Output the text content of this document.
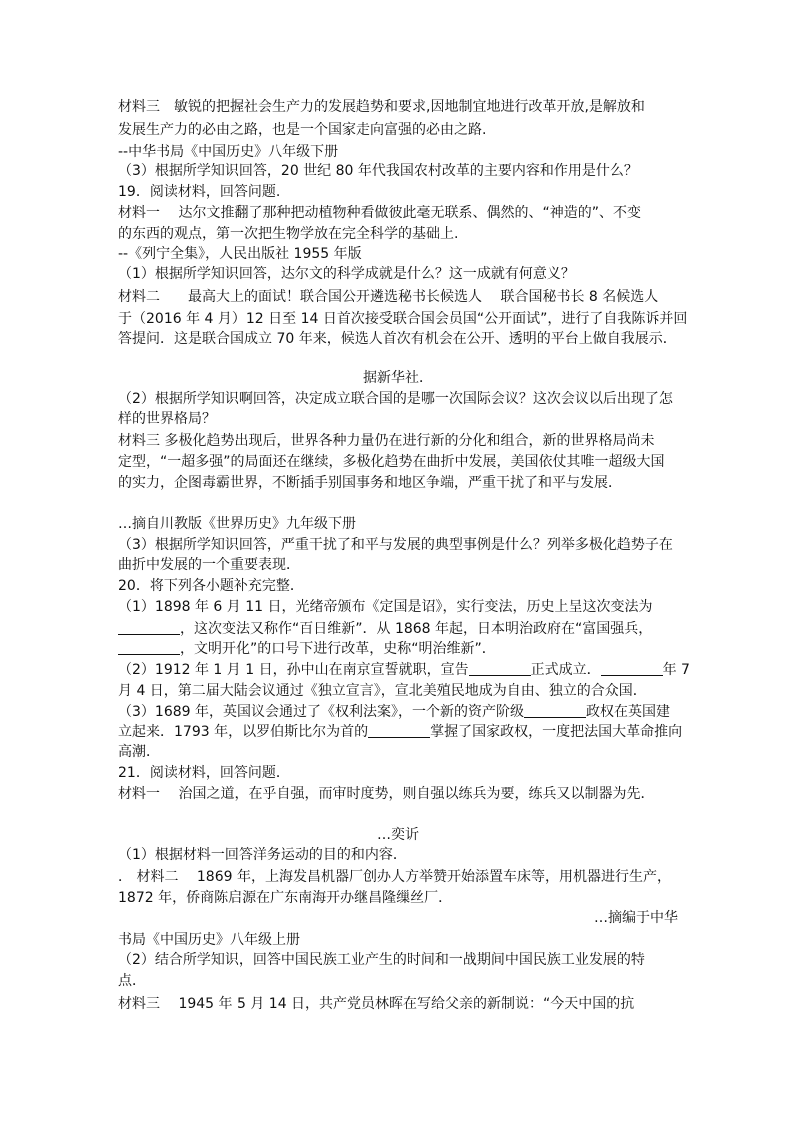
材料三　敏锐的把握社会生产力的发展趋势和要求,因地制宜地进行改革开放,是解放和
发展生产力的必由之路，也是一个国家走向富强的必由之路.
--中华书局《中国历史》八年级下册
（3）根据所学知识回答，20 世纪 80 年代我国农村改革的主要内容和作用是什么？
19．阅读材料，回答问题.
材料一　 达尔文推翻了那种把动植物种看做彼此毫无联系、偶然的、“神造的”、不变
的东西的观点，第一次把生物学放在完全科学的基础上.
--《列宁全集》，人民出版社 1955 年版
（1）根据所学知识回答，达尔文的科学成就是什么？这一成就有何意义？
材料二　　最高大上的面试！联合国公开遴选秘书长候选人　 联合国秘书长 8 名候选人
于（2016 年 4 月）12 日至 14 日首次接受联合国会员国“公开面试”，进行了自我陈诉并回
答提问．这是联合国成立 70 年来，候选人首次有机会在公开、透明的平台上做自我展示．
据新华社．
（2）根据所学知识啊回答，决定成立联合国的是哪一次国际会议？这次会议以后出现了怎
样的世界格局？
材料三 多极化趋势出现后，世界各种力量仍在进行新的分化和组合，新的世界格局尚未
定型，“一超多强”的局面还在继续，多极化趋势在曲折中发展，美国依仗其唯一超级大国
的实力，企图毒霸世界，不断插手别国事务和地区争端，严重干扰了和平与发展．
…摘自川教版《世界历史》九年级下册
（3）根据所学知识回答，严重干扰了和平与发展的典型事例是什么？列举多极化趋势子在
曲折中发展的一个重要表现．
20．将下列各小题补充完整．
（1）1898 年 6 月 11 日，光绪帝颁布《定国是诏》，实行变法，历史上呈这次变法为
，这次变法又称作“百日维新”．从 1868 年起，日本明治政府在“富国强兵，
，文明开化”的口号下进行改革，史称“明治维新”．
（2）1912 年 1 月 1 日，孙中山在南京宣誓就职，宣告	正式成立．	年 7
月 4 日，第二届大陆会议通过《独立宣言》，宣北美殖民地成为自由、独立的合众国．
（3）1689 年，英国议会通过了《权利法案》，一个新的资产阶级	政权在英国建
立起来．1793 年，以罗伯斯比尔为首的	掌握了国家政权，一度把法国大革命推向
高潮．
21．阅读材料，回答问题．
材料一　 治国之道，在乎自强，而审时度势，则自强以练兵为要，练兵又以制器为先．
…奕䜣
（1）根据材料一回答洋务运动的目的和内容．
． 材料二　 1869 年，上海发昌机器厂创办人方举赞开始添置车床等，用机器进行生产，
1872 年，侨商陈启源在广东南海开办继昌隆缫丝厂．
…摘编于中华
书局《中国历史》八年级上册
（2）结合所学知识，回答中国民族工业产生的时间和一战期间中国民族工业发展的特
点．
材料三　 1945 年 5 月 14 日，共产党员林晖在写给父亲的新制说：“今天中国的抗
